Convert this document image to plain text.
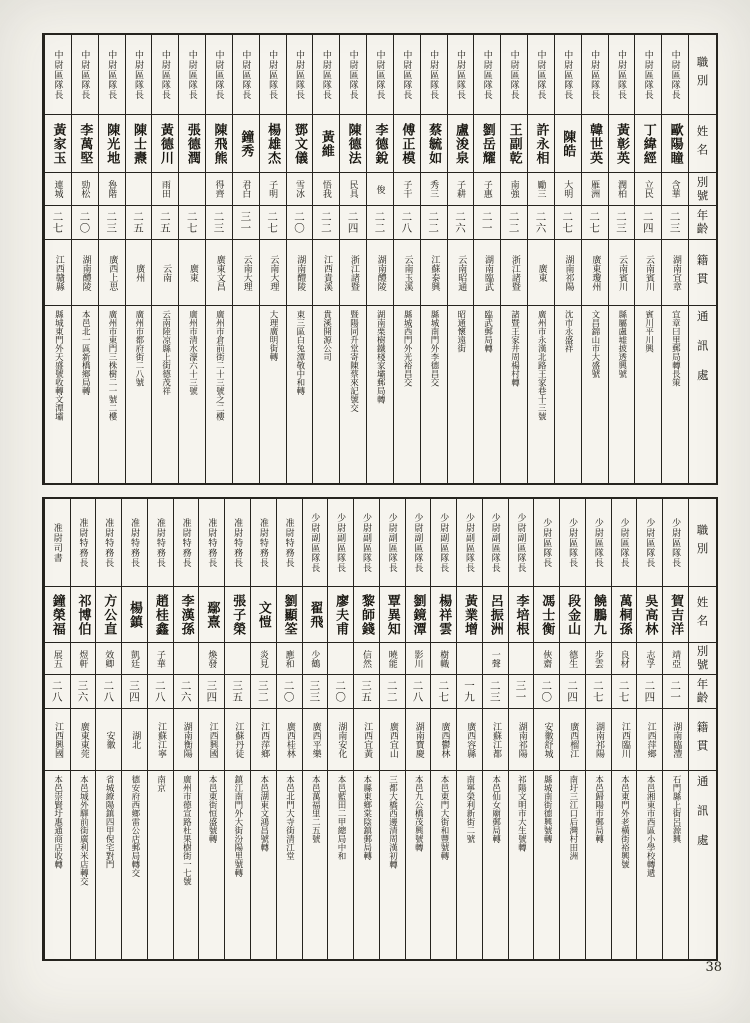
職別
姓名
別號
年齡
籍貫
通訊處
中尉區隊長
歐陽瞳
含華
二三
湖南宜章
宜章曰里郵局轉長策
中尉區隊長
丁緯經
立民
二四
云南賓川
賓川平川興
中尉區隊長
黃彰英
潤柏
二三
云南賓川
縣屬盧墟披透興號
中尉區隊長
韓世英
雁洲
二七
廣東瓊州
文昌錦山市大盛號
中尉區隊長
陳皓
大明
二七
湖南祁陽
沈市永盛祥
中尉區隊長
許永相
勵三
二六
廣東
廣州市永漢北路王家巷十三號
中尉區隊長
王副乾
南強
二二
浙江諸暨
諸暨王家井周楊村轉
中尉區隊長
劉岳耀
子惠
二一
湖南臨武
臨武郵局轉
中尉區隊長
盧浚泉
子耕
二六
云南昭通
昭通懷遠街
中尉區隊長
蔡毓如
秀三
二二
江蘇泰興
縣城南門外李德昌交
中尉區隊長
傅正模
子干
二八
云南玉溪
縣城西門外光裕昌交
中尉區隊長
李德銳
俊
二二
湖南醴陵
湖南栗樹鐵棧家壩郵局轉
中尉區隊長
陳德法
民具
二四
浙江諸暨
暨陽同升堂寄陳蔡來記號交
中尉區隊長
黃維
悟我
二二
江西貴溪
貴溪開源公司
中尉區隊長
鄧文儀
雪冰
二〇
湖南醴陵
東三區白兔潭敬中和轉
中尉區隊長
楊雄杰
子明
二七
云南大理
大理廣明街轉
中尉區隊長
鐘秀
君白
三一
云南大理
中尉區隊長
陳飛熊
得齊
二三
廣東文昌
廣州市倉前街二十三號之二樓
中尉區隊長
張德潤
二七
廣東
廣州市清水濠六十三號
中尉區隊長
黃德川
雨田
二五
云南
云南陸凉縣上街德茂祥
中尉區隊長
陳士燾
二五
廣州
廣州市都府街二八號
中尉區隊長
陳光地
魯階
二三
廣西上思
廣州市東門三株樹二一號二樓
中尉區隊長
李萬堅
勁松
二〇
湖南醴陵
本邑北一區新橋鄉局轉
中尉區隊長
黃家玉
連城
二七
江西贛縣
縣城東門外天盛號收轉文潭壩
職別
姓名
別號
年齡
籍貫
通訊處
少尉區隊長
賀吉洋
靖亞
二一
湖南臨澧
石門縣上街呂源興
少尉區隊長
吳高林
志孚
二四
江西萍鄉
本邑湘東市西區小學校轉遞
少尉區隊長
萬桐孫
良材
二七
江西臨川
本邑東門外老橫街裕興號
少尉區隊長
饒鵬九
步雲
二七
湖南祁陽
本邑歸陽市郵局轉
少尉區隊長
段金山
德生
二四
廣西榴江
南圩三江口后灣村田洲
少尉區隊長
馮士衡
俠齋
二〇
安徽舒城
縣城南街德興號轉
少尉副區隊長
李培根
三一
湖南祁陽
祁陽文明市大生號轉
少尉副區隊長
呂振洲
一聲
二三
江蘇江都
本邑仙女廟郵局轉
少尉副區隊長
黃業增
一九
廣西容縣
南寧榮利新街二號
少尉副區隊長
楊祥雲
樹幟
二七
廣西鬱林
本邑東門大街和豐號轉
少尉副區隊長
劉鏡潭
影川
二八
湖南寶慶
本邑九公橋茂興號轉
少尉副區隊長
覃異知
曉能
二二
廣西宜山
三都大橋西邊清周漢初轉
少尉副區隊長
黎師錢
信然
三五
江西宜黃
本縣東鄉棠陰鎮郵局轉
少尉副區隊長
廖夫甫
二〇
湖南安化
本邑藍田二甲總局中和
少尉副區隊長
翟飛
少鶴
三三
廣西平樂
本邑萬福里二五號
准尉特務長
劉顯筌
應和
二〇
廣西桂林
本邑北門大寺街清江堂
准尉特務長
文愷
炎見
三二
江西萍鄉
本邑湖東文鴻昌號轉
准尉特務長
張子榮
三五
江蘇丹徒
鎮江南門外大街汾陽里號轉
准尉特務長
鄢熹
煥發
三四
江西興國
本邑東街恒盛號轉
准尉特務長
李漢孫
二六
湖南衡陽
廣州市德宣路杜果樹街一七號
准尉特務長
趙桂鑫
子華
二八
江蘇江寧
南京
准尉特務長
楊鎮
凱廷
三四
湖北
德安府西鄉雷公店郵局轉交
准尉特務長
方公直
效卿
二八
安徽
省城繚陽鎮四甲倪宅對門
准尉特務長
祁博伯
煜軒
三六
廣東東莞
本邑城外驛前街廣利米店轉交
准尉司書
鐘榮福
展五
二八
江西興國
本邑崇賢圩惠通商店收轉
38
